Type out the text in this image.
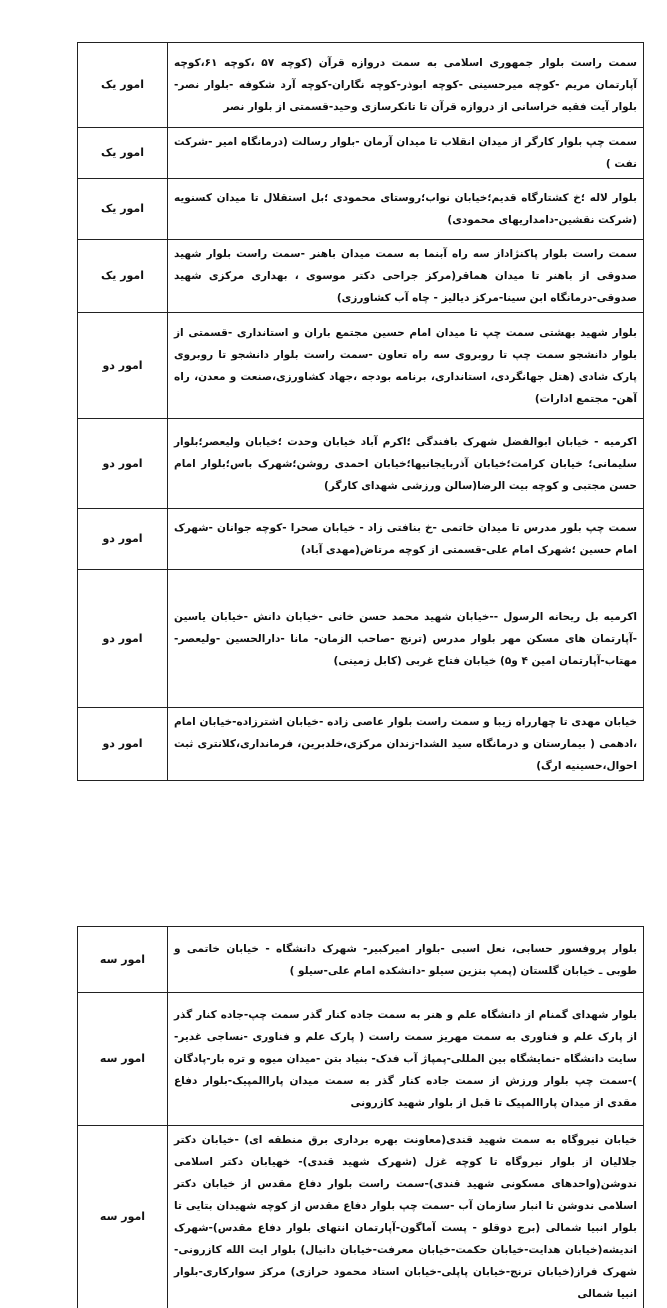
سمت راست بلوار جمهوری اسلامی به سمت دروازه قرآن (کوچه ۵۷ ،کوچه ۶۱،کوچه آپارتمان مریم -کوچه میرحسینی -کوچه ابوذر-کوچه نگاران-کوچه آرد شکوفه -بلوار نصر-بلوار آیت فقیه خراسانی از دروازه قرآن تا تانکرسازی وحید-قسمتی از بلوار نصر	امور یک
سمت چپ بلوار کارگر از میدان انقلاب تا میدان آرمان -بلوار رسالت (درمانگاه امیر -شرکت نفت )	امور یک
بلوار لاله ؛خ کشتارگاه قدیم؛خیابان نواب؛روستای محمودی ؛بل استقلال تا میدان کسنویه (شرکت نقشین-دامداریهای محمودی)	امور یک
سمت راست بلوار پاکنژاداز سه راه آبنما به سمت میدان باهنر -سمت راست بلوار شهید صدوقی از باهنر تا میدان هماقر(مرکز جراحی دکتر موسوی ، بهداری مرکزی شهید صدوقی-درمانگاه ابن سینا-مرکز دیالیز - چاه آب کشاورزی)	امور یک
بلوار شهید بهشتی سمت چپ تا میدان امام حسین مجتمع باران و استانداری -قسمتی از بلوار دانشجو سمت چپ تا روبروی سه راه تعاون -سمت راست بلوار دانشجو تا روبروی پارک شادی (هتل جهانگردی، استانداری، برنامه بودجه ،جهاد کشاورزی،صنعت و معدن، راه آهن- مجتمع ادارات)	امور دو
اکرمیه - خیابان ابوالفضل شهرک بافندگی ؛اکرم آباد خیابان وحدت ؛خیابان ولیعصر؛بلوار سلیمانی؛ خیابان کرامت؛خیابان آذربایجانیها؛خیابان احمدی روشن؛شهرک باس؛بلوار امام حسن مجتبی و کوچه بیت الرضا(سالن ورزشی شهدای کارگر)	امور دو
سمت چپ بلور مدرس تا میدان خاتمی -خ بنافتی زاد - خیابان صحرا -کوچه جوانان -شهرک امام حسین ؛شهرک امام علی-قسمتی از کوچه مرتاض(مهدی آباد)	امور دو
اکرمیه بل ریحانه الرسول --خیابان شهید محمد حسن خانی -خیابان دانش -خیابان یاسین -آپارتمان های مسکن مهر بلوار مدرس (ترنج -صاحب الزمان- مانا -دارالحسین -ولیعصر-مهتاب-آپارتمان امین ۴ و۵) خیابان فتاح غربی (کابل زمینی)	امور دو
خیابان مهدی تا چهارراه زیبا و سمت راست بلوار عاصی زاده -خیابان اشترزاده-خیابان امام ،ادهمی ( بیمارستان و درمانگاه سید الشدا-زندان مرکزی،خلدبرین، فرمانداری،کلانتری ثبت احوال،حسینیه ارگ)	امور دو
بلوار پروفسور حسابی، نعل اسبی -بلوار امیرکبیر- شهرک دانشگاه - خیابان خاتمی و طوبی ـ خیابان گلستان (پمپ بنزین سیلو -دانشکده امام علی-سیلو )	امور سه
بلوار شهدای گمنام از دانشگاه علم و هنر به سمت جاده کنار گذر سمت چپ-جاده کنار گذر از پارک علم و فناوری به سمت مهریز سمت راست ( پارک علم و فناوری -نساجی غدیر-سایت دانشگاه -نمایشگاه بین المللی-پمپاژ آب فدک- بنیاد بتن -میدان میوه و تره بار-پادگان )-سمت چپ بلوار ورزش از سمت جاده کنار گذر به سمت میدان پاراالمپیک-بلوار دفاع مقدی از میدان پاراالمپیک تا قبل از بلوار شهید کازرونی	امور سه
خیابان نیروگاه به سمت شهید قندی(معاونت بهره برداری برق منطقه ای) -خیابان دکتر جلالیان از بلوار نیروگاه تا کوچه غزل (شهرک شهید قندی)- خهیابان دکتر اسلامی ندوشن(واحدهای مسکونی شهید قندی)-سمت راست بلوار دفاع مقدس از خیابان دکتر اسلامی ندوشن تا انبار سازمان آب -سمت چپ بلوار دفاع مقدس از کوچه شهیدان بتایی تا بلوار انبیا شمالی (برج دوقلو - پست آماگون-آپارتمان انتهای بلوار دفاع مقدس)-شهرک اندیشه(خیابان هدایت-خیابان حکمت-خیابان معرفت-خیابان دانیال) بلوار ایت الله کازرونی- شهرک فراز(خیابان ترنج-خیابان پاپلی-خیابان استاد محمود حرازی) مرکز سوارکاری-بلوار انبیا شمالی	امور سه
